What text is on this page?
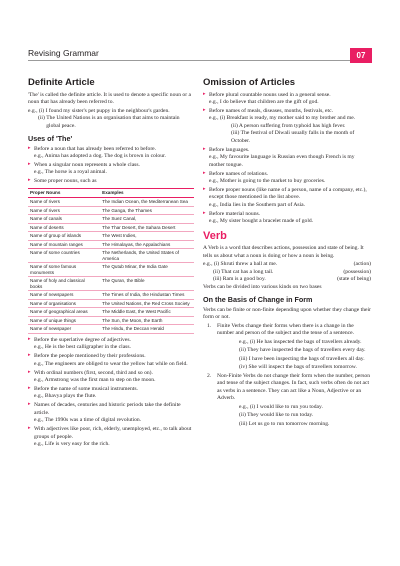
Revising Grammar	07
Definite Article

'The' is called the definite article. It is used to denote a specific noun or a noun that has already been referred to.

e.g.,
(i)
I found my sister's pet puppy in the neighbour's garden.
(ii)
The United Nations is an organisation that aims to maintain global peace.
Uses of 'The'
▸ Before a noun that has already been referred to before.
e.g., Anima has adopted a dog. The dog is brown in colour.
▸ When a singular noun represents a whole class.
e.g., The horse is a royal animal.
▸ Some proper nouns, such as
Proper Nouns	Examples
Name of rivers	The Indian Ocean, the Mediterranean Sea
Name of rivers	The Ganga, the Thames
Name of canals	The Suez Canal,
Name of deserts	The Thar Desert, the Sahara Desert
Name of group of islands	The West Indies,
Name of mountain ranges	The Himalayas, the Appalachians
Name of some countries	The Netherlands, the United States of America
Name of some famous monuments	The Qutub Minar, the India Gate
Name of holy and classical books	The Quran, the Bible
Name of newspapers	The Times of India, the Hindustan Times
Name of organisations	The United Nations, the Red Cross Society
Name of geographical areas	The Middle East, the West Pacific
Name of unique things	The Sun, the Moon, the Earth
Name of newspaper	The Hindu, the Deccan Herald
▸ Before the superlative degree of adjectives.
e.g., He is the best calligrapher in the class.
▸ Before the people mentioned by their professions.
e.g., The engineers are obliged to wear the yellow hat while on field.
▸ With ordinal numbers (first, second, third and so on).
e.g., Armstrong was the first man to step on the moon.
▸ Before the name of some musical instruments.
e.g., Bhavya plays the flute.
▸ Names of decades, centuries and historic periods take the definite article.
e.g., The 1990s was a time of digital revolution.
▸ With adjectives like poor, rich, elderly, unemployed, etc., to talk about groups of people.
e.g., Life is very easy for the rich.
Omission of Articles
▸ Before plural countable nouns used in a general sense.
e.g., I do believe that children are the gift of god.
▸ Before names of meals, diseases, months, festivals, etc.
e.g., (i) Breakfast is ready, my mother said to my brother and me.

(ii) A person suffering from typhoid has high fever.
(iii) The festival of Diwali usually falls in the month of October.
▸ Before languages.
e.g., My favourite language is Russian even though French is my mother tongue.
▸ Before names of relations.
e.g., Mother is going to the market to buy groceries.
▸ Before proper nouns (like name of a person, name of a company, etc.), except those mentioned in the list above.
e.g., India lies in the Southern part of Asia.
▸ Before material nouns.
e.g., My sister bought a bracelet made of gold.
Verb

A Verb is a word that describes actions, possession and state of being. It tells us about what a noun is doing or how a noun is being.

e.g., (i) Shruti threw a ball at me.	(action)
(ii) That cat has a long tail.	(possession)
(iii) Ram is a good boy.	(state of being)

Verbs can be divided into various kinds on two bases

On the Basis of Change in Form

Verbs can be finite or non-finite depending upon whether they change their form or not.

1. Finite Verbs change their forms when there is a change in the number and person of the subject and the tense of a sentence.
e.g., (i) He has inspected the bags of travellers already.
(ii) They have inspected the bags of travellers every day.
(iii) I have been inspecting the bags of travellers all day.
(iv) She will inspect the bags of travellers tomorrow.
2. Non-Finite Verbs do not change their form when the number, person and tense of the subject changes. In fact, such verbs often do not act as verbs in a sentence. They can act like a Noun, Adjective or an Adverb.
e.g., (i) I would like to run you today.
(ii) They would like to run today.
(iii) Let us go to run tomorrow morning.
